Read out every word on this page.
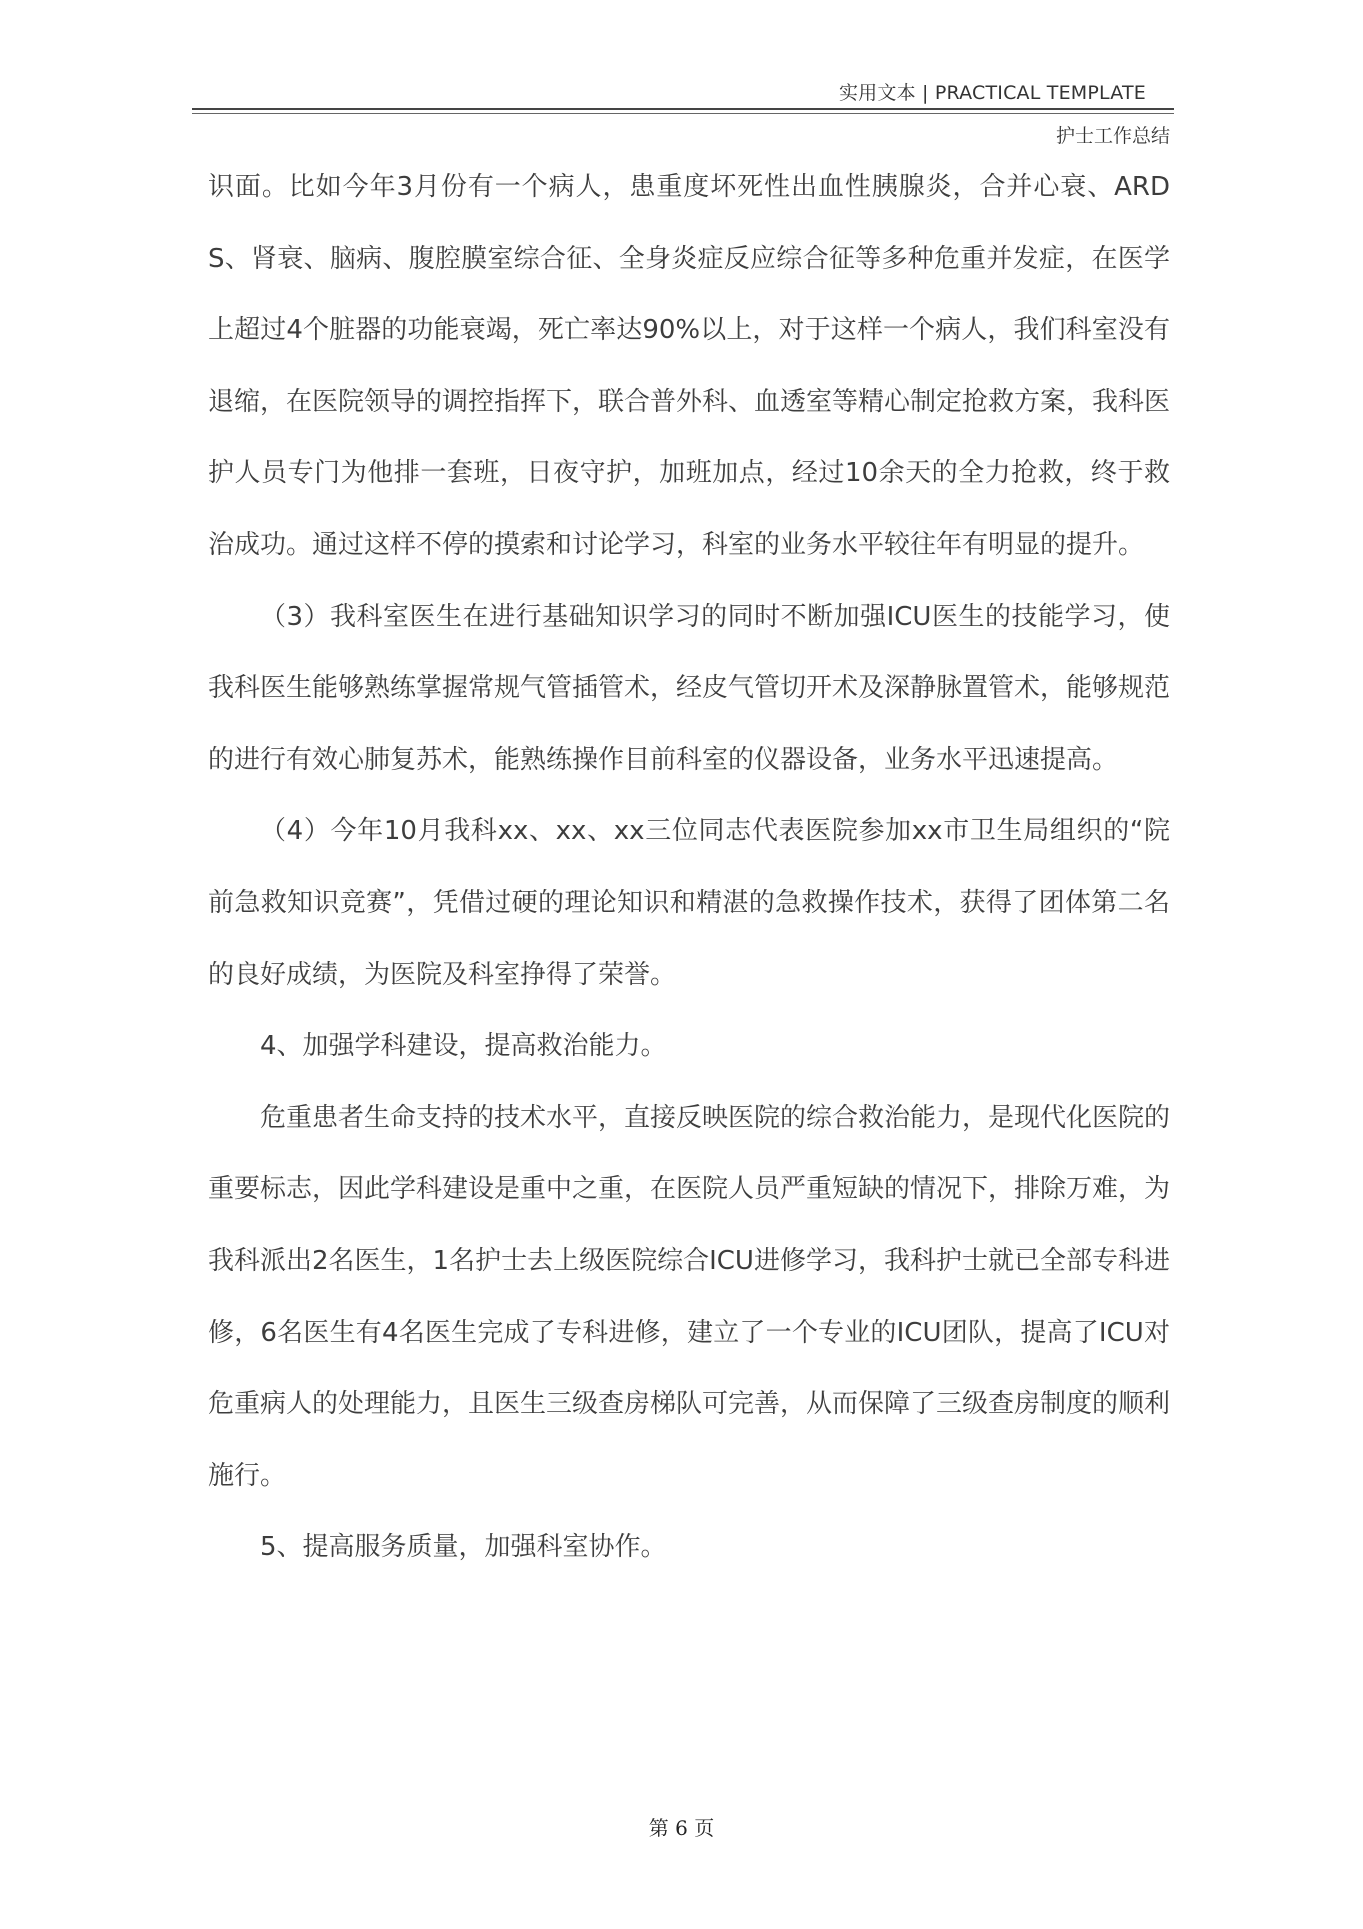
实用文本 | PRACTICAL TEMPLATE
护士工作总结

识面。比如今年3月份有一个病人，患重度坏死性出血性胰腺炎，合并心衰、ARDS、肾衰、脑病、腹腔膜室综合征、全身炎症反应综合征等多种危重并发症，在医学上超过4个脏器的功能衰竭，死亡率达90%以上，对于这样一个病人，我们科室没有退缩，在医院领导的调控指挥下，联合普外科、血透室等精心制定抢救方案，我科医护人员专门为他排一套班，日夜守护，加班加点，经过10余天的全力抢救，终于救治成功。通过这样不停的摸索和讨论学习，科室的业务水平较往年有明显的提升。

（3）我科室医生在进行基础知识学习的同时不断加强ICU医生的技能学习，使我科医生能够熟练掌握常规气管插管术，经皮气管切开术及深静脉置管术，能够规范的进行有效心肺复苏术，能熟练操作目前科室的仪器设备，业务水平迅速提高。

（4）今年10月我科xx、xx、xx三位同志代表医院参加xx市卫生局组织的“院前急救知识竞赛”，凭借过硬的理论知识和精湛的急救操作技术，获得了团体第二名的良好成绩，为医院及科室挣得了荣誉。

4、加强学科建设，提高救治能力。

危重患者生命支持的技术水平，直接反映医院的综合救治能力，是现代化医院的重要标志，因此学科建设是重中之重，在医院人员严重短缺的情况下，排除万难，为我科派出2名医生，1名护士去上级医院综合ICU进修学习，我科护士就已全部专科进修，6名医生有4名医生完成了专科进修，建立了一个专业的ICU团队，提高了ICU对危重病人的处理能力，且医生三级查房梯队可完善，从而保障了三级查房制度的顺利施行。

5、提高服务质量，加强科室协作。

第 6 页
